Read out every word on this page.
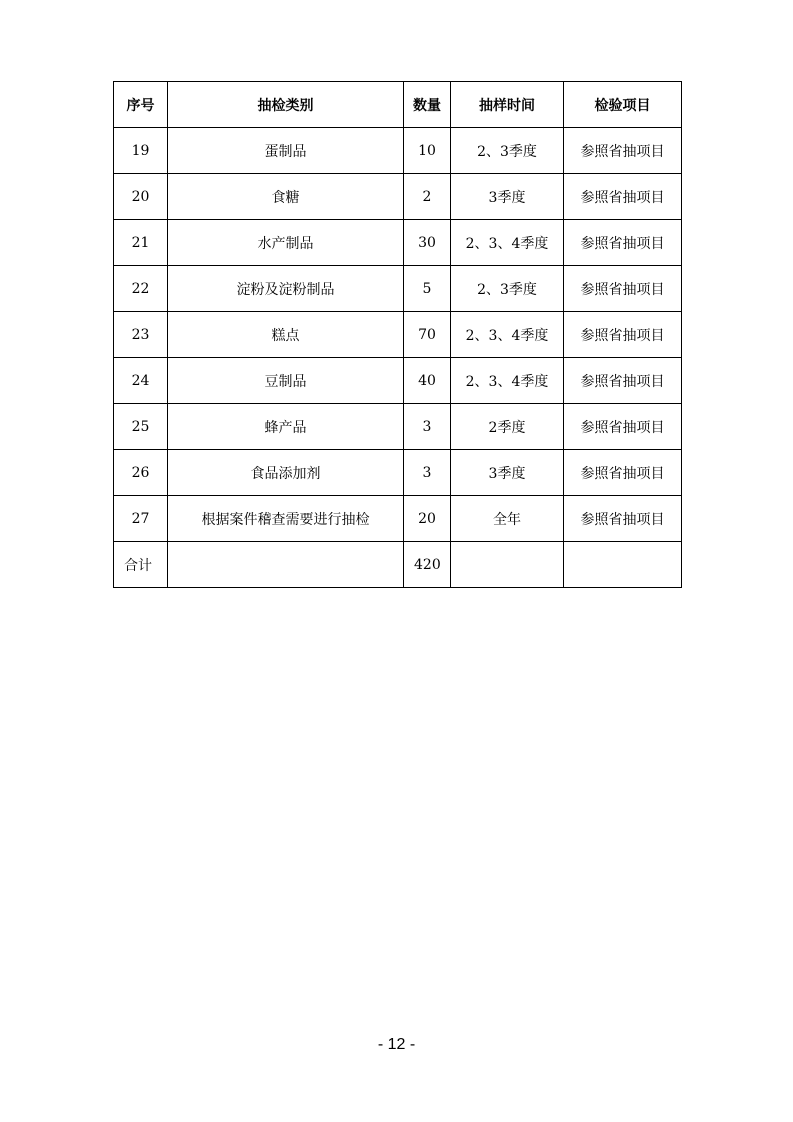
序号	抽检类别	数量	抽样时间	检验项目
19	蛋制品	10	2、3季度	参照省抽项目
20	食糖	2	3季度	参照省抽项目
21	水产制品	30	2、3、4季度	参照省抽项目
22	淀粉及淀粉制品	5	2、3季度	参照省抽项目
23	糕点	70	2、3、4季度	参照省抽项目
24	豆制品	40	2、3、4季度	参照省抽项目
25	蜂产品	3	2季度	参照省抽项目
26	食品添加剂	3	3季度	参照省抽项目
27	根据案件稽查需要进行抽检	20	全年	参照省抽项目
合计		420		
- 12 -
